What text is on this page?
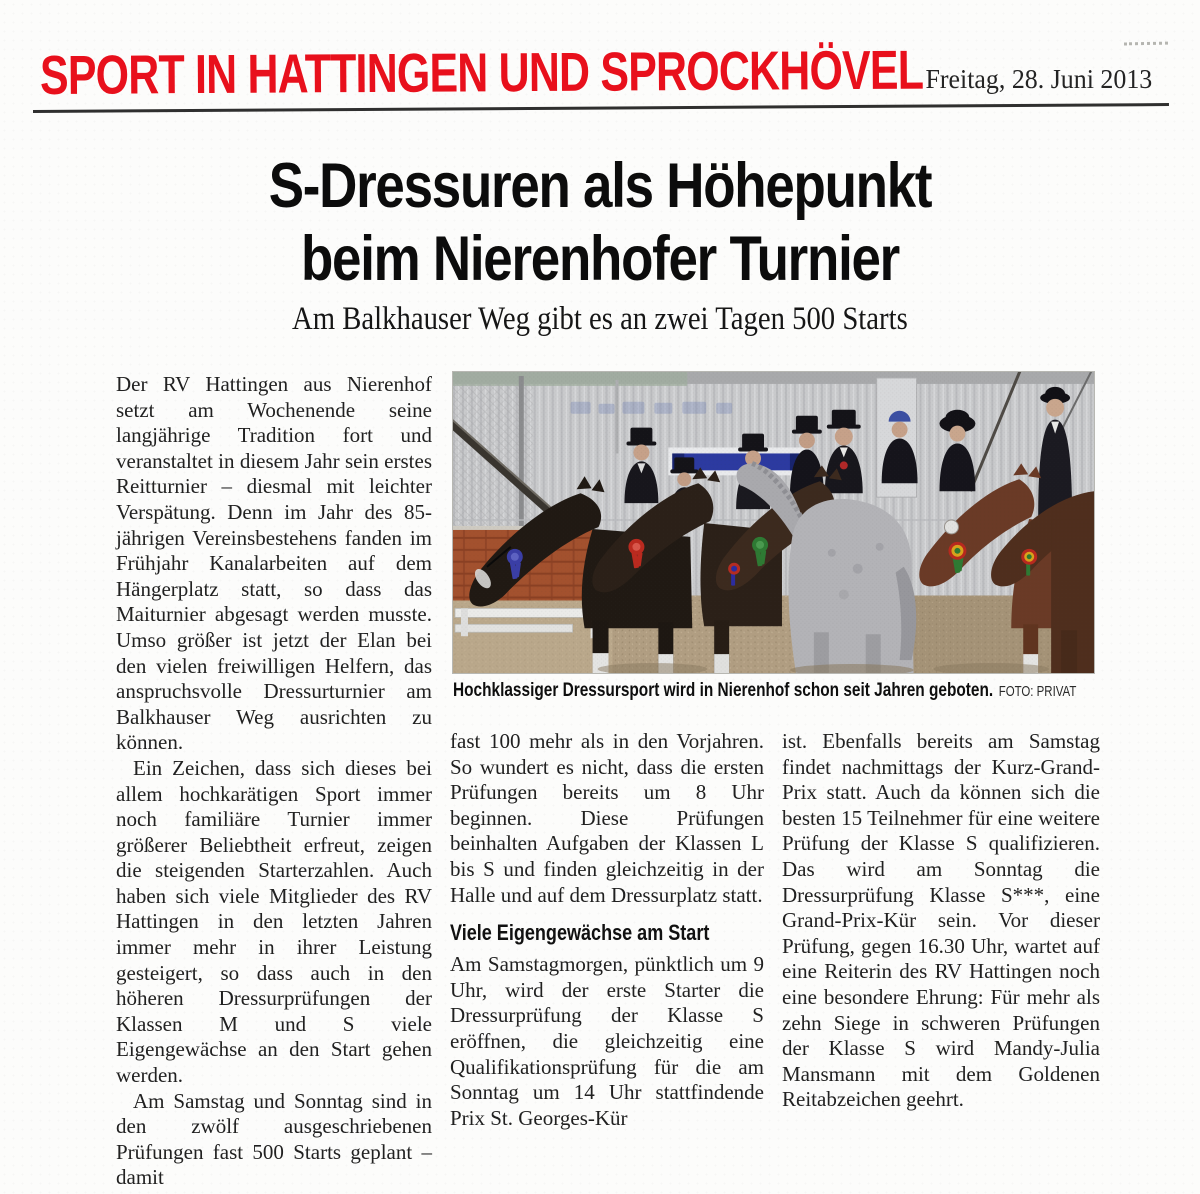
SPORT IN HATTINGEN UND SPROCKHÖVEL Freitag, 28. Juni 2013
S-Dressuren als Höhepunkt
beim Nierenhofer Turnier
Am Balkhauser Weg gibt es an zwei Tagen 500 Starts

Der RV Hattingen aus Nierenhof setzt am Wochenende seine langjährige Tradition fort und veranstaltet in diesem Jahr sein erstes Reitturnier – diesmal mit leichter Verspätung. Denn im Jahr des 85-jährigen Vereinsbestehens fanden im Frühjahr Kanalarbeiten auf dem Hängerplatz statt, so dass das Maiturnier abgesagt werden musste. Umso größer ist jetzt der Elan bei den vielen freiwilligen Helfern, das anspruchsvolle Dressurturnier am Balkhauser Weg ausrichten zu können.

Ein Zeichen, dass sich dieses bei allem hochkarätigen Sport immer noch familiäre Turnier immer größerer Beliebtheit erfreut, zeigen die steigenden Starterzahlen. Auch haben sich viele Mitglieder des RV Hattingen in den letzten Jahren immer mehr in ihrer Leistung gesteigert, so dass auch in den höheren Dressurprüfungen der Klassen M und S viele Eigengewächse an den Start gehen werden.

Am Samstag und Sonntag sind in den zwölf ausgeschriebenen Prüfungen fast 500 Starts geplant – damit

Hochklassiger Dressursport wird in Nierenhof schon seit Jahren geboten. FOTO: PRIVAT

fast 100 mehr als in den Vorjahren. So wundert es nicht, dass die ersten Prüfungen bereits um 8 Uhr beginnen. Diese Prüfungen beinhalten Aufgaben der Klassen L bis S und finden gleichzeitig in der Halle und auf dem Dressurplatz statt.

Viele Eigengewächse am Start

Am Samstagmorgen, pünktlich um 9 Uhr, wird der erste Starter die Dressurprüfung der Klasse S eröffnen, die gleichzeitig eine Qualifikationsprüfung für die am Sonntag um 14 Uhr stattfindende Prix St. Georges-Kür

ist. Ebenfalls bereits am Samstag findet nachmittags der Kurz-Grand-Prix statt. Auch da können sich die besten 15 Teilnehmer für eine weitere Prüfung der Klasse S qualifizieren. Das wird am Sonntag die Dressurprüfung Klasse S***, eine Grand-Prix-Kür sein. Vor dieser Prüfung, gegen 16.30 Uhr, wartet auf eine Reiterin des RV Hattingen noch eine besondere Ehrung: Für mehr als zehn Siege in schweren Prüfungen der Klasse S wird Mandy-Julia Mansmann mit dem Goldenen Reitabzeichen geehrt.
